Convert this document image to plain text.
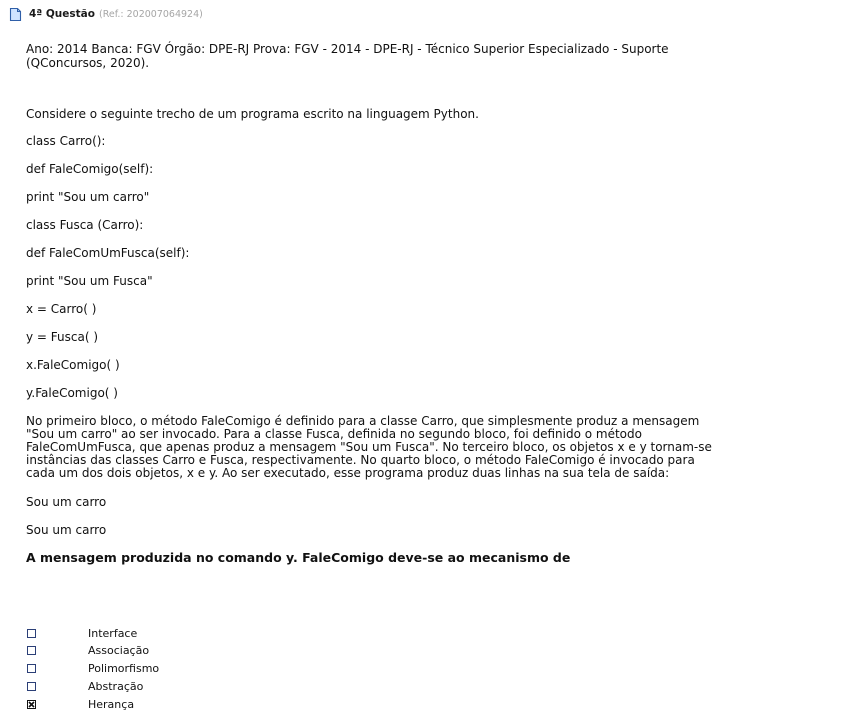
4ª Questão (Ref.: 202007064924)
Ano: 2014 Banca: FGV Órgão: DPE-RJ Prova: FGV - 2014 - DPE-RJ - Técnico Superior Especializado - Suporte
(QConcursos, 2020).
Considere o seguinte trecho de um programa escrito na linguagem Python.
class Carro():
def FaleComigo(self):
print "Sou um carro"
class Fusca (Carro):
def FaleComUmFusca(self):
print "Sou um Fusca"
x = Carro( )
y = Fusca( )
x.FaleComigo( )
y.FaleComigo( )
No primeiro bloco, o método FaleComigo é definido para a classe Carro, que simplesmente produz a mensagem
"Sou um carro" ao ser invocado. Para a classe Fusca, definida no segundo bloco, foi definido o método
FaleComUmFusca, que apenas produz a mensagem "Sou um Fusca". No terceiro bloco, os objetos x e y tornam-se
instâncias das classes Carro e Fusca, respectivamente. No quarto bloco, o método FaleComigo é invocado para
cada um dos dois objetos, x e y. Ao ser executado, esse programa produz duas linhas na sua tela de saída:
Sou um carro
Sou um carro
A mensagem produzida no comando y. FaleComigo deve-se ao mecanismo de
Interface
Associação
Polimorfismo
Abstração
Herança
